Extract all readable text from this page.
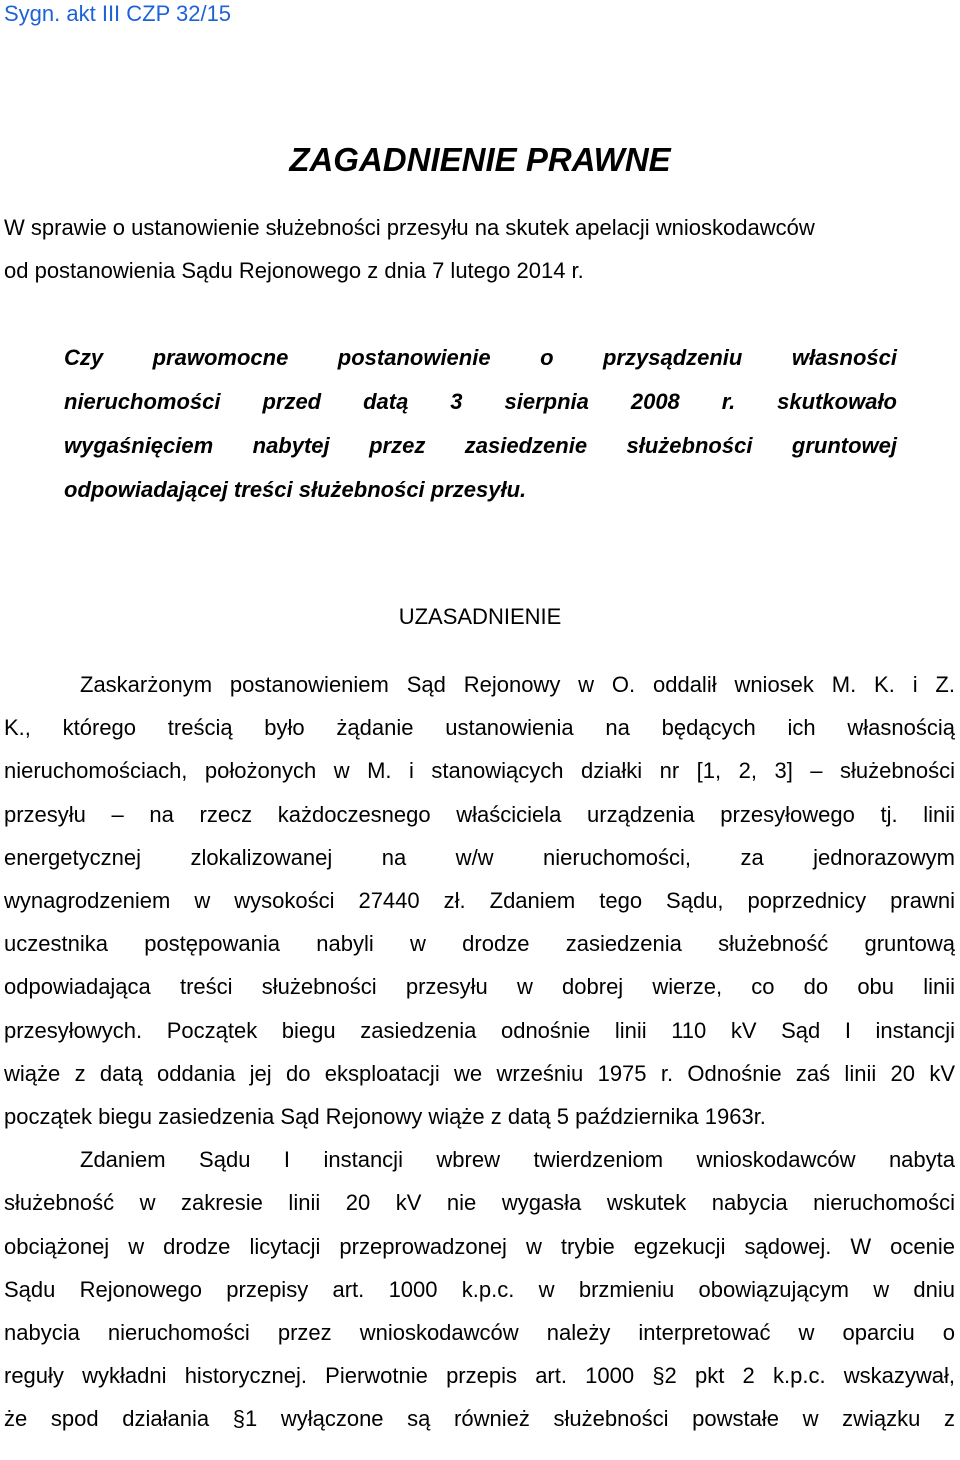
Sygn. akt III CZP 32/15
ZAGADNIENIE PRAWNE
W sprawie o ustanowienie służebności przesyłu na skutek apelacji wnioskodawców
od postanowienia Sądu Rejonowego z dnia 7 lutego 2014 r.
Czy prawomocne postanowienie o przysądzeniu własności
nieruchomości przed datą 3 sierpnia 2008 r. skutkowało
wygaśnięciem nabytej przez zasiedzenie służebności gruntowej
odpowiadającej treści służebności przesyłu.
UZASADNIENIE
Zaskarżonym postanowieniem Sąd Rejonowy w O. oddalił wniosek M. K. i Z.
K., którego treścią było żądanie ustanowienia na będących ich własnością
nieruchomościach, położonych w M. i stanowiących działki nr [1, 2, 3] – służebności
przesyłu – na rzecz każdoczesnego właściciela urządzenia przesyłowego tj. linii
energetycznej zlokalizowanej na w/w nieruchomości, za jednorazowym
wynagrodzeniem w wysokości 27440 zł. Zdaniem tego Sądu, poprzednicy prawni
uczestnika postępowania nabyli w drodze zasiedzenia służebność gruntową
odpowiadająca treści służebności przesyłu w dobrej wierze, co do obu linii
przesyłowych. Początek biegu zasiedzenia odnośnie linii 110 kV Sąd I instancji
wiąże z datą oddania jej do eksploatacji we wrześniu 1975 r. Odnośnie zaś linii 20 kV
początek biegu zasiedzenia Sąd Rejonowy wiąże z datą 5 października 1963r.
Zdaniem Sądu I instancji wbrew twierdzeniom wnioskodawców nabyta
służebność w zakresie linii 20 kV nie wygasła wskutek nabycia nieruchomości
obciążonej w drodze licytacji przeprowadzonej w trybie egzekucji sądowej. W ocenie
Sądu Rejonowego przepisy art. 1000 k.p.c. w brzmieniu obowiązującym w dniu
nabycia nieruchomości przez wnioskodawców należy interpretować w oparciu o
reguły wykładni historycznej. Pierwotnie przepis art. 1000 §2 pkt 2 k.p.c. wskazywał,
że spod działania §1 wyłączone są również służebności powstałe w związku z
